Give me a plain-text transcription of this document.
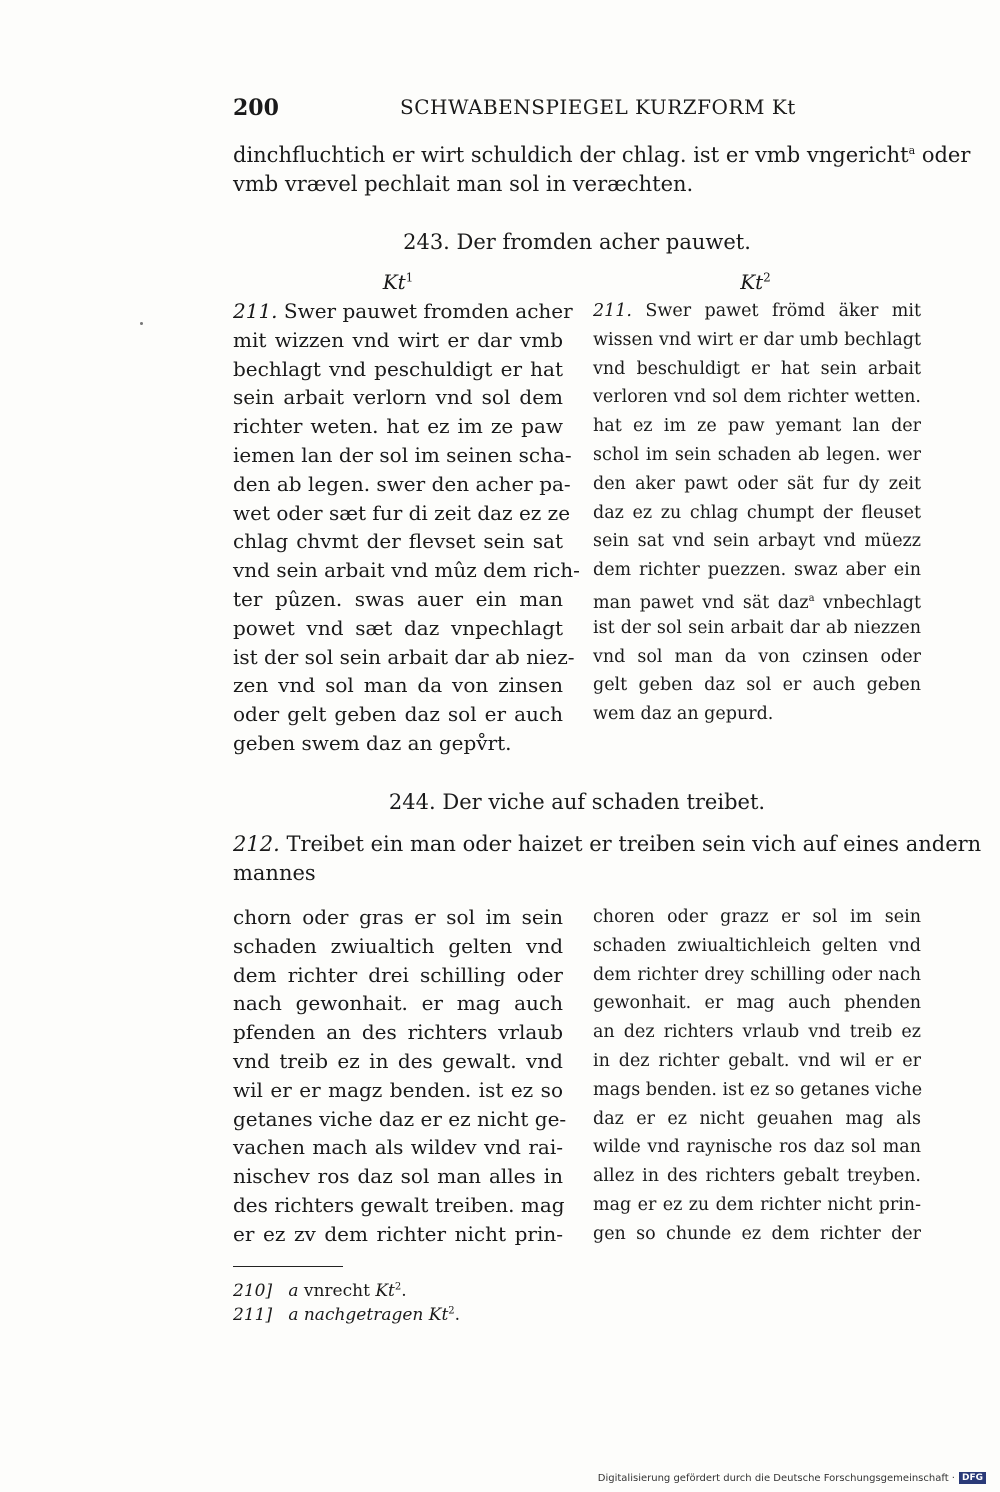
200	SCHWABENSPIEGEL KURZFORM Kt
dinchfluchtich er wirt schuldich der chlag. ist er vmb vngericht$^a$ oder
vmb vrævel pechlait man sol in veræchten.
243. Der fromden acher pauwet.
Kt$^1$	Kt$^2$
211. Swer pauwet fromden acher
mit wizzen vnd wirt er dar vmb
bechlagt vnd peschuldigt er hat
sein arbait verlorn vnd sol dem
richter weten. hat ez im ze paw
iemen lan der sol im seinen scha-
den ab legen. swer den acher pa-
wet oder sæt fur di zeit daz ez ze
chlag chvmt der flevset sein sat
vnd sein arbait vnd mûz dem rich-
ter pûzen. swas auer ein man
powet vnd sæt daz vnpechlagt
ist der sol sein arbait dar ab niez-
zen vnd sol man da von zinsen
oder gelt geben daz sol er auch
geben swem daz an gepv̊rt.
211. Swer pawet frömd äker mit
wissen vnd wirt er dar umb bechlagt
vnd beschuldigt er hat sein arbait
verloren vnd sol dem richter wetten.
hat ez im ze paw yemant lan der
schol im sein schaden ab legen. wer
den aker pawt oder sät fur dy zeit
daz ez zu chlag chumpt der fleuset
sein sat vnd sein arbayt vnd müezz
dem richter puezzen. swaz aber ein
man pawet vnd sät daz$^a$ vnbechlagt
ist der sol sein arbait dar ab niezzen
vnd sol man da von czinsen oder
gelt geben daz sol er auch geben
wem daz an gepurd.
244. Der viche auf schaden treibet.
212. Treibet ein man oder haizet er treiben sein vich auf eines andern
mannes
chorn oder gras er sol im sein
schaden zwiualtich gelten vnd
dem richter drei schilling oder
nach gewonhait. er mag auch
pfenden an des richters vrlaub
vnd treib ez in des gewalt. vnd
wil er er magz benden. ist ez so
getanes viche daz er ez nicht ge-
vachen mach als wildev vnd rai-
nischev ros daz sol man alles in
des richters gewalt treiben. mag
er ez zv dem richter nicht prin-
choren oder grazz er sol im sein
schaden zwiualtichleich gelten vnd
dem richter drey schilling oder nach
gewonhait. er mag auch phenden
an dez richters vrlaub vnd treib ez
in dez richter gebalt. vnd wil er er
mags benden. ist ez so getanes viche
daz er ez nicht geuahen mag als
wilde vnd raynische ros daz sol man
allez in des richters gebalt treyben.
mag er ez zu dem richter nicht prin-
gen so chunde ez dem richter der
210] a vnrecht Kt$^2$.
211] a nachgetragen Kt$^2$.
Digitalisierung gefördert durch die Deutsche Forschungsgemeinschaft · DFG
